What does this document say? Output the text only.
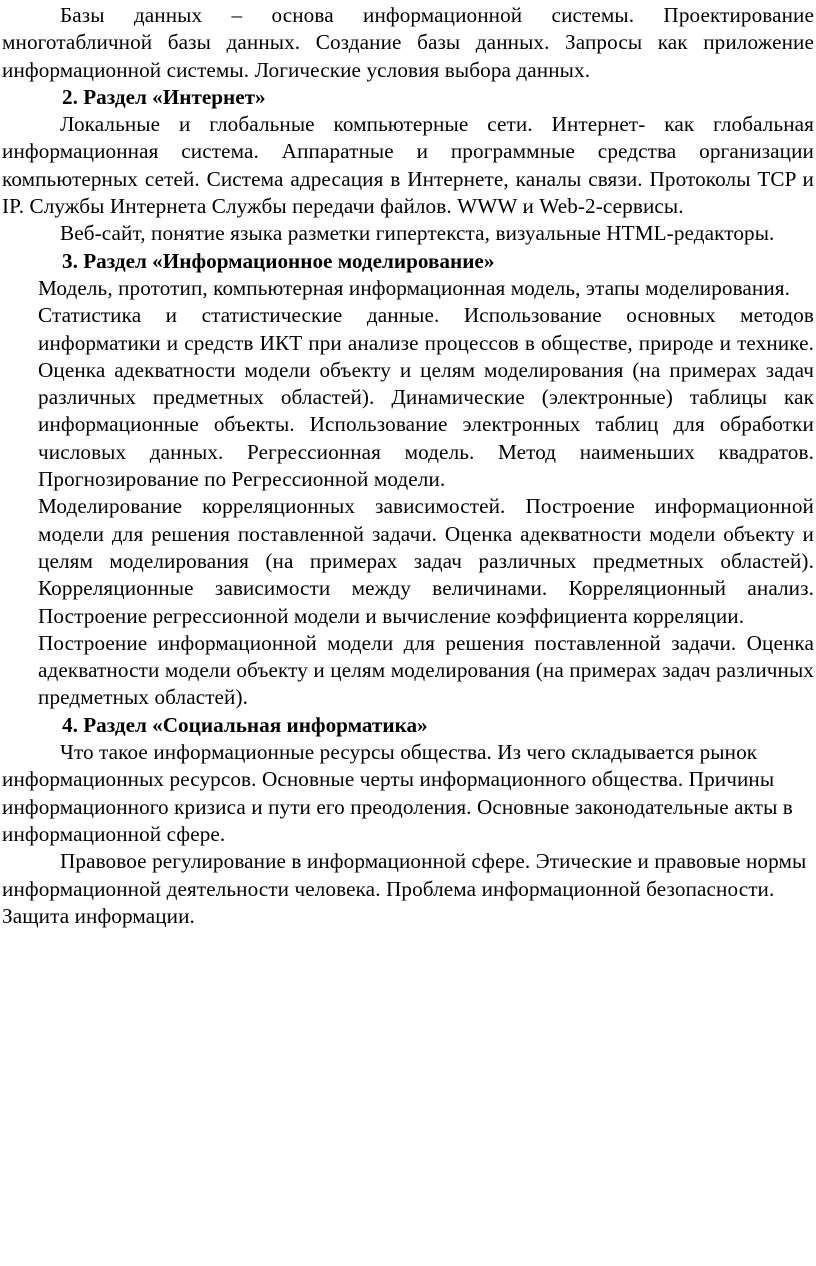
Базы данных – основа информационной системы. Проектирование многотабличной базы данных. Создание базы данных. Запросы как приложение информационной системы. Логические условия выбора данных.

2. Раздел «Интернет»

Локальные и глобальные компьютерные сети. Интернет- как глобальная информационная система. Аппаратные и программные средства организации компьютерных сетей. Система адресация в Интернете, каналы связи. Протоколы TCP и IP. Службы Интернета Службы передачи файлов. WWW и Web-2-сервисы.

Веб-сайт, понятие языка разметки гипертекста, визуальные HTML-редакторы.

3. Раздел «Информационное моделирование»

Модель, прототип, компьютерная информационная модель, этапы моделирования.

Статистика и статистические данные. Использование основных методов информатики и средств ИКТ при анализе процессов в обществе, природе и технике. Оценка адекватности модели объекту и целям моделирования (на примерах задач различных предметных областей). Динамические (электронные) таблицы как информационные объекты. Использование электронных таблиц для обработки числовых данных. Регрессионная модель. Метод наименьших квадратов. Прогнозирование по Регрессионной модели.

Моделирование корреляционных зависимостей. Построение информационной модели для решения поставленной задачи. Оценка адекватности модели объекту и целям моделирования (на примерах задач различных предметных областей). Корреляционные зависимости между величинами. Корреляционный анализ. Построение регрессионной модели и вычисление коэффициента корреляции.

Построение информационной модели для решения поставленной задачи. Оценка адекватности модели объекту и целям моделирования (на примерах задач различных предметных областей).

4. Раздел «Социальная информатика»

Что такое информационные ресурсы общества. Из чего складывается рынок информационных ресурсов. Основные черты информационного общества. Причины информационного кризиса и пути его преодоления. Основные законодательные акты в информационной сфере.

Правовое регулирование в информационной сфере. Этические и правовые нормы информационной деятельности человека. Проблема информационной безопасности. Защита информации.
